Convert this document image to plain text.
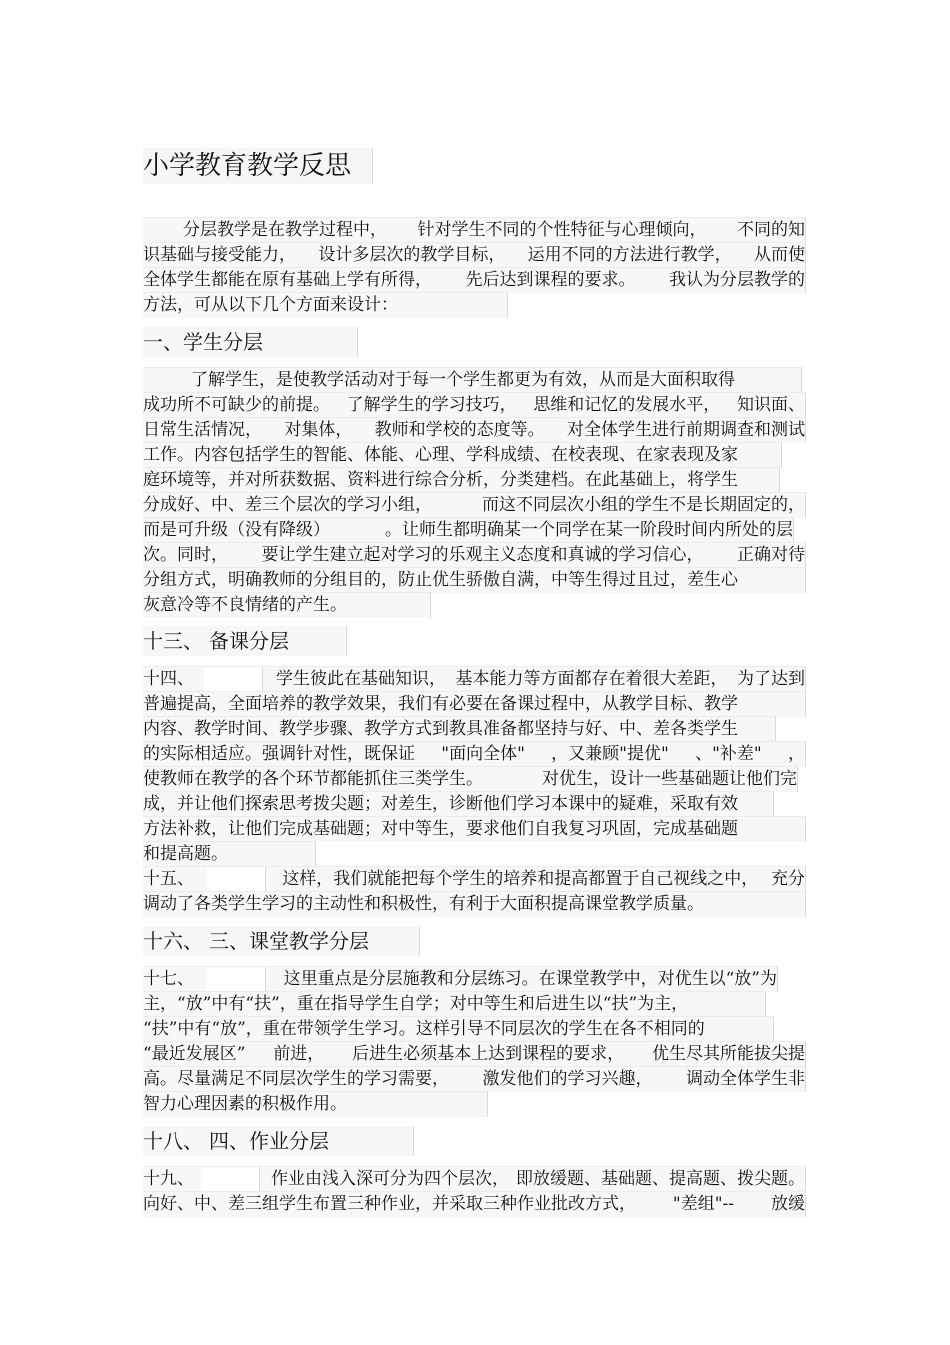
小学教育教学反思
分层教学是在教学过程中， 针对学生不同的个性特征与心理倾向， 不同的知
识基础与接受能力， 设计多层次的教学目标， 运用不同的方法进行教学， 从而使
全体学生都能在原有基础上学有所得， 先后达到课程的要求。 我认为分层教学的
方法，可从以下几个方面来设计：
一、学生分层
了解学生，是使教学活动对于每一个学生都更为有效，从而是大面积取得
成功所不可缺少的前提。 了解学生的学习技巧， 思维和记忆的发展水平， 知识面、
日常生活情况， 对集体， 教师和学校的态度等。 对全体学生进行前期调查和测试
工作。内容包括学生的智能、体能、心理、学科成绩、在校表现、在家表现及家
庭环境等，并对所获数据、资料进行综合分析，分类建档。在此基础上，将学生
分成好、中、差三个层次的学习小组，	而这不同层次小组的学生不是长期固定的，
而是可升级（没有降级）	。让师生都明确某一个同学在某一阶段时间内所处的层
次。同时， 要让学生建立起对学习的乐观主义态度和真诚的学习信心， 正确对待
分组方式，明确教师的分组目的，防止优生骄傲自满，中等生得过且过，差生心
灰意冷等不良情绪的产生。
十三、 备课分层
十四、	学生彼此在基础知识， 基本能力等方面都存在着很大差距， 为了达到
普遍提高，全面培养的教学效果，我们有必要在备课过程中，从教学目标、教学
内容、教学时间、教学步骤、教学方式到教具准备都坚持与好、中、差各类学生
的实际相适应。强调针对性，既保证 "面向全体" ，又兼顾"提优" 、"补差" ，
使教师在教学的各个环节都能抓住三类学生。	对优生，设计一些基础题让他们完
成，并让他们探索思考拨尖题；对差生，诊断他们学习本课中的疑难，采取有效
方法补救，让他们完成基础题；对中等生，要求他们自我复习巩固，完成基础题
和提高题。
十五、	这样，我们就能把每个学生的培养和提高都置于自己视线之中， 充分
调动了各类学生学习的主动性和积极性，有利于大面积提高课堂教学质量。
十六、 三、课堂教学分层
十七、	这里重点是分层施教和分层练习。在课堂教学中，对优生以“放”为
主，“放”中有“扶”，重在指导学生自学；对中等生和后进生以“扶”为主，
“扶”中有“放”，重在带领学生学习。这样引导不同层次的学生在各不相同的
“最近发展区” 前进， 后进生必须基本上达到课程的要求， 优生尽其所能拔尖提
高。尽量满足不同层次学生的学习需要， 激发他们的学习兴趣， 调动全体学生非
智力心理因素的积极作用。
十八、 四、作业分层
十九、	作业由浅入深可分为四个层次， 即放缓题、基础题、提高题、拨尖题。
向好、中、差三组学生布置三种作业，并采取三种作业批改方式， "差组"-- 放缓
